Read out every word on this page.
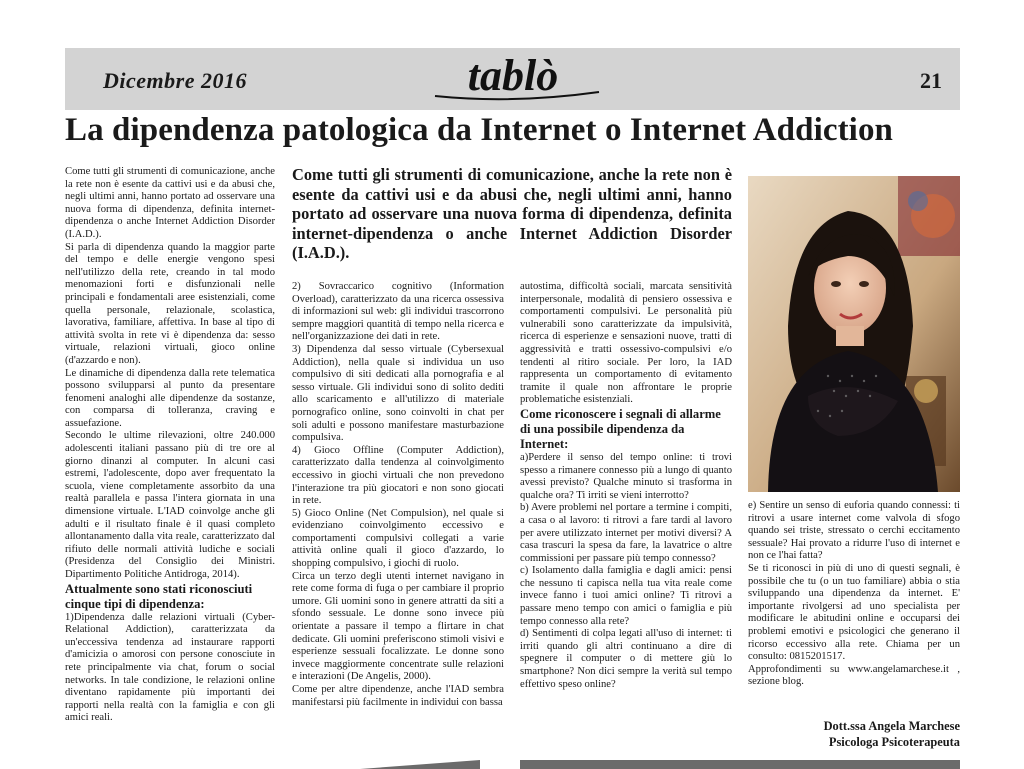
Dicembre 2016	tablò	21
La dipendenza patologica da Internet o Internet Addiction

Come tutti gli strumenti di comunicazione, anche la rete non è esente da cattivi usi e da abusi che, negli ultimi anni, hanno portato ad osservare una nuova forma di dipendenza, definita internet-dipendenza o anche Internet Addiction Disorder (I.A.D.).

Si parla di dipendenza quando la maggior parte del tempo e delle energie vengono spesi nell'utilizzo della rete, creando in tal modo menomazioni forti e disfunzionali nelle principali e fondamentali aree esistenziali, come quella personale, relazionale, scolastica, lavorativa, familiare, affettiva. In base al tipo di attività svolta in rete vi è dipendenza da: sesso virtuale, relazioni virtuali, gioco online (d'azzardo e non).

Le dinamiche di dipendenza dalla rete telematica possono svilupparsi al punto da presentare fenomeni analoghi alle dipendenze da sostanze, con comparsa di tolleranza, craving e assuefazione.

Secondo le ultime rilevazioni, oltre 240.000 adolescenti italiani passano più di tre ore al giorno dinanzi al computer. In alcuni casi estremi, l'adolescente, dopo aver frequentato la scuola, viene completamente assorbito da una realtà parallela e passa l'intera giornata in una dimensione virtuale. L'IAD coinvolge anche gli adulti e il risultato finale è il quasi completo allontanamento dalla vita reale, caratterizzato dal rifiuto delle normali attività ludiche e sociali (Presidenza del Consiglio dei Ministri. Dipartimento Politiche Antidroga, 2014).

Attualmente sono stati riconosciuti cinque tipi di dipendenza:

1)Dipendenza dalle relazioni virtuali (Cyber-Relational Addiction), caratterizzata da un'eccessiva tendenza ad instaurare rapporti d'amicizia o amorosi con persone conosciute in rete principalmente via chat, forum o social networks. In tale condizione, le relazioni online diventano rapidamente più importanti dei rapporti nella realtà con la famiglia e con gli amici reali.

Come tutti gli strumenti di comunicazione, anche la rete non è esente da cattivi usi e da abusi che, negli ultimi anni, hanno portato ad osservare una nuova forma di dipendenza, definita internet-dipendenza o anche Internet Addiction Disorder (I.A.D.).

2) Sovraccarico cognitivo (Information Overload), caratterizzato da una ricerca ossessiva di informazioni sul web: gli individui trascorrono sempre maggiori quantità di tempo nella ricerca e nell'organizzazione dei dati in rete.

3) Dipendenza dal sesso virtuale (Cybersexual Addiction), nella quale si individua un uso compulsivo di siti dedicati alla pornografia e al sesso virtuale. Gli individui sono di solito dediti allo scaricamento e all'utilizzo di materiale pornografico online, sono coinvolti in chat per soli adulti e possono manifestare masturbazione compulsiva.

4) Gioco Offline (Computer Addiction), caratterizzato dalla tendenza al coinvolgimento eccessivo in giochi virtuali che non prevedono l'interazione tra più giocatori e non sono giocati in rete.

5) Gioco Online (Net Compulsion), nel quale si evidenziano coinvolgimento eccessivo e comportamenti compulsivi collegati a varie attività online quali il gioco d'azzardo, lo shopping compulsivo, i giochi di ruolo.

Circa un terzo degli utenti internet navigano in rete come forma di fuga o per cambiare il proprio umore. Gli uomini sono in genere attratti da siti a sfondo sessuale. Le donne sono invece più orientate a passare il tempo a flirtare in chat dedicate. Gli uomini preferiscono stimoli visivi e esperienze sessuali focalizzate. Le donne sono invece maggiormente concentrate sulle relazioni e interazioni (De Angelis, 2000).

Come per altre dipendenze, anche l'IAD sembra manifestarsi più facilmente in individui con bassa

autostima, difficoltà sociali, marcata sensitività interpersonale, modalità di pensiero ossessiva e comportamenti compulsivi. Le personalità più vulnerabili sono caratterizzate da impulsività, ricerca di esperienze e sensazioni nuove, tratti di aggressività e tratti ossessivo-compulsivi e/o tendenti al ritiro sociale. Per loro, la IAD rappresenta un comportamento di evitamento tramite il quale non affrontare le proprie problematiche esistenziali.

Come riconoscere i segnali di allarme di una possibile dipendenza da Internet:

a)Perdere il senso del tempo online: ti trovi spesso a rimanere connesso più a lungo di quanto avessi previsto? Qualche minuto si trasforma in qualche ora? Ti irriti se vieni interrotto?

b) Avere problemi nel portare a termine i compiti, a casa o al lavoro: ti ritrovi a fare tardi al lavoro per avere utilizzato internet per motivi diversi? A casa trascuri la spesa da fare, la lavatrice o altre commissioni per passare più tempo connesso?

c) Isolamento dalla famiglia e dagli amici: pensi che nessuno ti capisca nella tua vita reale come invece fanno i tuoi amici online? Ti ritrovi a passare meno tempo con amici o famiglia e più tempo connesso alla rete?

d) Sentimenti di colpa legati all'uso di internet: ti irriti quando gli altri continuano a dire di spegnere il computer o di mettere giù lo smartphone? Non dici sempre la verità sul tempo effettivo speso online?

e) Sentire un senso di euforia quando connessi: ti ritrovi a usare internet come valvola di sfogo quando sei triste, stressato o cerchi eccitamento sessuale? Hai provato a ridurre l'uso di internet e non ce l'hai fatta?

Se ti riconosci in più di uno di questi segnali, è possibile che tu (o un tuo familiare) abbia o stia sviluppando una dipendenza da internet. E' importante rivolgersi ad uno specialista per modificare le abitudini online e occuparsi dei problemi emotivi e psicologici che generano il ricorso eccessivo alla rete. Chiama per un consulto: 0815201517.

Approfondimenti su www.angelamarchese.it , sezione blog.

Dott.ssa Angela Marchese
Psicologa Psicoterapeuta
